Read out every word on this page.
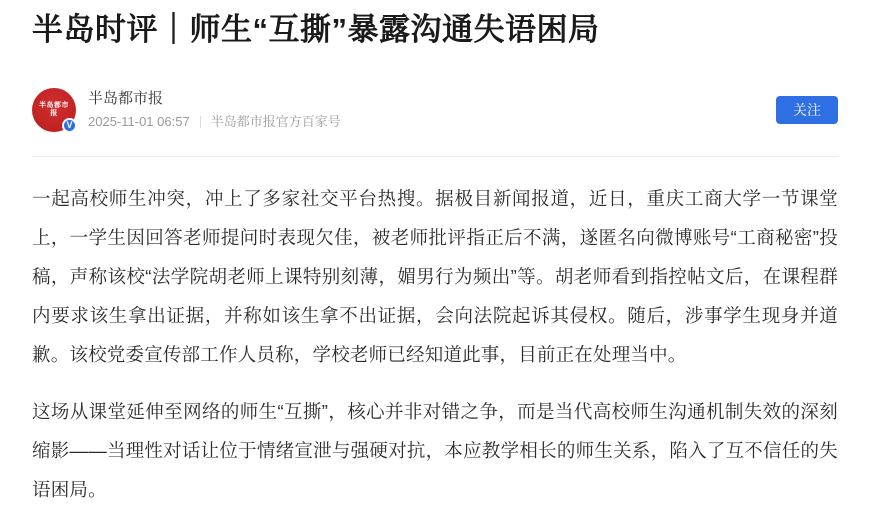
半岛时评｜师生“互撕”暴露沟通失语困局
半岛都市报
V
半岛都市报
2025-11-01 06:57 半岛都市报官方百家号
关注

一起高校师生冲突，冲上了多家社交平台热搜。据极目新闻报道，近日，重庆工商大学一节课堂上，一学生因回答老师提问时表现欠佳，被老师批评指正后不满，遂匿名向微博账号“工商秘密”投稿，声称该校“法学院胡老师上课特别刻薄，媚男行为频出”等。胡老师看到指控帖文后，在课程群内要求该生拿出证据，并称如该生拿不出证据，会向法院起诉其侵权。随后，涉事学生现身并道歉。该校党委宣传部工作人员称，学校老师已经知道此事，目前正在处理当中。

这场从课堂延伸至网络的师生“互撕”，核心并非对错之争，而是当代高校师生沟通机制失效的深刻缩影——当理性对话让位于情绪宣泄与强硬对抗，本应教学相长的师生关系，陷入了互不信任的失语困局。
